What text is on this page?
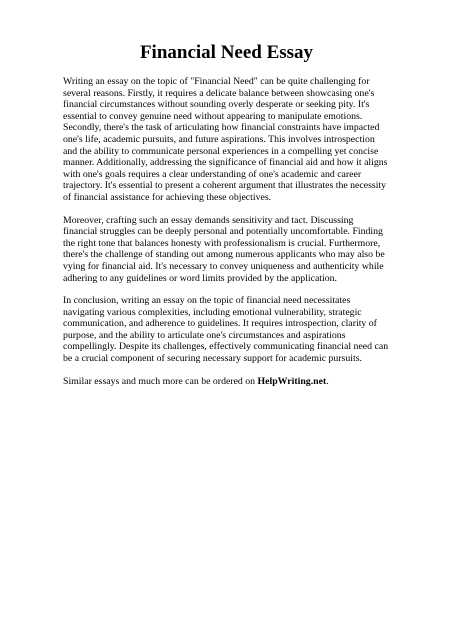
Financial Need Essay

Writing an essay on the topic of "Financial Need" can be quite challenging for several reasons. Firstly, it requires a delicate balance between showcasing one's financial circumstances without sounding overly desperate or seeking pity. It's essential to convey genuine need without appearing to manipulate emotions. Secondly, there's the task of articulating how financial constraints have impacted one's life, academic pursuits, and future aspirations. This involves introspection and the ability to communicate personal experiences in a compelling yet concise manner. Additionally, addressing the significance of financial aid and how it aligns with one's goals requires a clear understanding of one's academic and career trajectory. It's essential to present a coherent argument that illustrates the necessity of financial assistance for achieving these objectives.

Moreover, crafting such an essay demands sensitivity and tact. Discussing financial struggles can be deeply personal and potentially uncomfortable. Finding the right tone that balances honesty with professionalism is crucial. Furthermore, there's the challenge of standing out among numerous applicants who may also be vying for financial aid. It's necessary to convey uniqueness and authenticity while adhering to any guidelines or word limits provided by the application.

In conclusion, writing an essay on the topic of financial need necessitates navigating various complexities, including emotional vulnerability, strategic communication, and adherence to guidelines. It requires introspection, clarity of purpose, and the ability to articulate one's circumstances and aspirations compellingly. Despite its challenges, effectively communicating financial need can be a crucial component of securing necessary support for academic pursuits.

Similar essays and much more can be ordered on HelpWriting.net.
